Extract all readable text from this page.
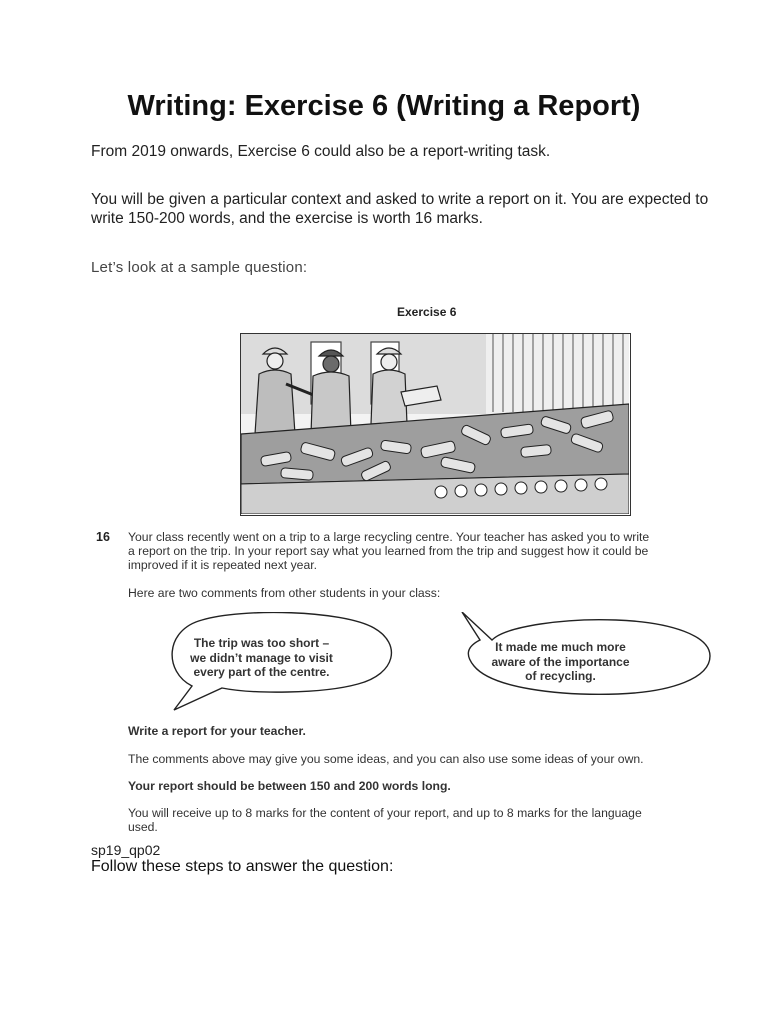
Writing: Exercise 6 (Writing a Report)

From 2019 onwards, Exercise 6 could also be a report-writing task.

You will be given a particular context and asked to write a report on it. You are expected to write 150-200 words, and the exercise is worth 16 marks.

Let’s look at a sample question:

Exercise 6
16 Your class recently went on a trip to a large recycling centre. Your teacher has asked you to write
a report on the trip. In your report say what you learned from the trip and suggest how it could be
improved if it is repeated next year.
Here are two comments from other students in your class:
The trip was too short – we didn’t manage to visit every part of the centre.
It made me much more aware of the importance of recycling.
Write a report for your teacher.
The comments above may give you some ideas, and you can also use some ideas of your own.
Your report should be between 150 and 200 words long.
You will receive up to 8 marks for the content of your report, and up to 8 marks for the language
used.
sp19_qp02
Follow these steps to answer the question:
